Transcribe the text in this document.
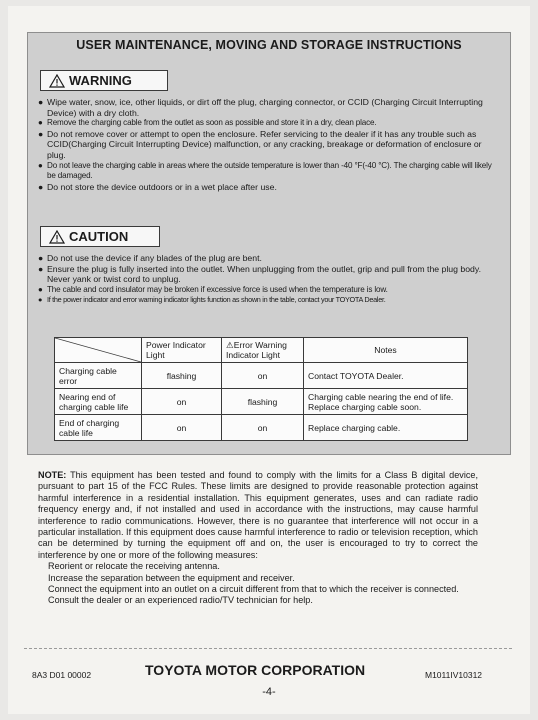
USER MAINTENANCE, MOVING AND STORAGE INSTRUCTIONS
WARNING
● Wipe water, snow, ice, other liquids, or dirt off the plug, charging connector, or CCID (Charging Circuit Interrupting Device) with a dry cloth.
● Remove the charging cable from the outlet as soon as possible and store it in a dry, clean place.
● Do not remove cover or attempt to open the enclosure. Refer servicing to the dealer if it has any trouble such as CCID(Charging Circuit Interrupting Device) malfunction, or any cracking, breakage or deformation of enclosure or plug.
● Do not leave the charging cable in areas where the outside temperature is lower than -40 °F(-40 °C). The charging cable will likely be damaged.
● Do not store the device outdoors or in a wet place after use.
CAUTION
● Do not use the device if any blades of the plug are bent.
● Ensure the plug is fully inserted into the outlet. When unplugging from the outlet, grip and pull from the plug body. Never yank or twist cord to unplug.
● The cable and cord insulator may be broken if excessive force is used when the temperature is low.
● If the power indicator and error warning indicator lights function as shown in the table, contact your TOYOTA Dealer.
	Power Indicator Light	⚠Error Warning Indicator Light	Notes
Charging cable error	flashing	on	Contact TOYOTA Dealer.
Nearing end of charging cable life	on	flashing	Charging cable nearing the end of life. Replace charging cable soon.
End of charging cable life	on	on	Replace charging cable.
NOTE: This equipment has been tested and found to comply with the limits for a Class B digital device, pursuant to part 15 of the FCC Rules. These limits are designed to provide reasonable protection against harmful interference in a residential installation. This equipment generates, uses and can radiate radio frequency energy and, if not installed and used in accordance with the instructions, may cause harmful interference to radio communications. However, there is no guarantee that interference will not occur in a particular installation. If this equipment does cause harmful interference to radio or television reception, which can be determined by turning the equipment off and on, the user is encouraged to try to correct the interference by one or more of the following measures:
Reorient or relocate the receiving antenna.
Increase the separation between the equipment and receiver.
Connect the equipment into an outlet on a circuit different from that to which the receiver is connected.
Consult the dealer or an experienced radio/TV technician for help.
8A3 D01 00002	TOYOTA MOTOR CORPORATION	M1011IV10312
-4-
